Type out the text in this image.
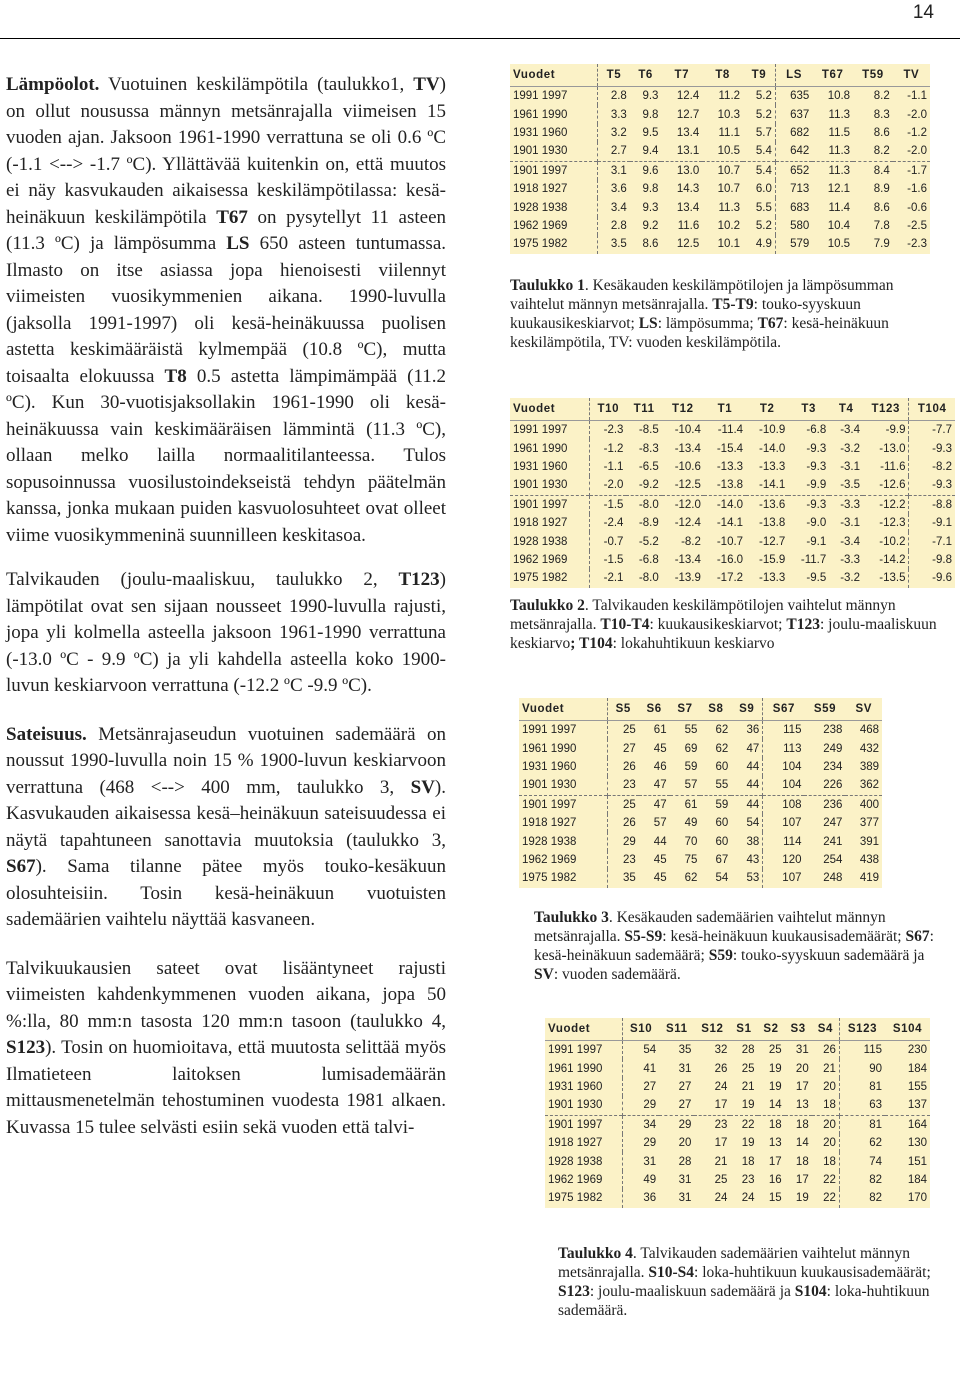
14

Lämpöolot. Vuotuinen keskilämpötila (taulukko1, TV) on ollut nousussa männyn metsänrajalla viimeisen 15 vuoden ajan. Jaksoon 1961-1990 verrattuna se oli 0.6 ºC (-1.1 <--> -1.7 ºC). Yllättävää kuitenkin on, että muutos ei näy kasvukauden aikaisessa keskilämpötilassa: kesä-heinäkuun keskilämpötila T67 on pysytellyt 11 asteen (11.3 ºC) ja lämpösumma LS 650 asteen tuntumassa. Ilmasto on itse asiassa jopa hienoisesti viilennyt viimeisten vuosikymmenien aikana. 1990-luvulla (jaksolla 1991-1997) oli kesä-heinäkuussa puolisen astetta keskimääräistä kylmempää (10.8 ºC), mutta toisaalta elokuussa T8 0.5 astetta lämpimämpää (11.2 ºC). Kun 30-vuotisjaksollakin 1961-1990 oli kesä-heinäkuussa vain keskimääräisen lämmintä (11.3 ºC), ollaan melko lailla normaalitilanteessa. Tulos sopusoinnussa vuosilustoindekseistä tehdyn päätelmän kanssa, jonka mukaan puiden kasvuolosuhteet ovat olleet viime vuosikymmeninä suunnilleen keskitasoa.

Talvikauden (joulu-maaliskuu, taulukko 2, T123) lämpötilat ovat sen sijaan nousseet 1990-luvulla rajusti, jopa yli kolmella asteella jaksoon 1961-1990 verrattuna (-13.0 ºC - 9.9 ºC) ja yli kahdella asteella koko 1900-luvun keskiarvoon verrattuna (-12.2 ºC -9.9 ºC).

Sateisuus. Metsänrajaseudun vuotuinen sademäärä on noussut 1990-luvulla noin 15 % 1900-luvun keskiarvoon verrattuna (468 <--> 400 mm, taulukko 3, SV). Kasvukauden aikaisessa kesä–heinäkuun sateisuudessa ei näytä tapahtuneen sanottavia muutoksia (taulukko 3, S67). Sama tilanne pätee myös touko-kesäkuun olosuhteisiin. Tosin kesä-heinäkuun vuotuisten sademäärien vaihtelu näyttää kasvaneen.

Talvikuukausien sateet ovat lisääntyneet rajusti viimeisten kahdenkymmenen vuoden aikana, jopa 50 %:lla, 80 mm:n tasosta 120 mm:n tasoon (taulukko 4, S123). Tosin on huomioitava, että muutosta selittää myös Ilmatieteen laitoksen lumisademäärän mittausmenetelmän tehostuminen vuodesta 1981 alkaen. Kuvassa 15 tulee selvästi esiin sekä vuoden että talvi-

Vuodet	T5	T6	T7	T8	T9	LS	T67	T59	TV
1991 1997	2.8	9.3	12.4	11.2	5.2	635	10.8	8.2	-1.1
1961 1990	3.3	9.8	12.7	10.3	5.2	637	11.3	8.3	-2.0
1931 1960	3.2	9.5	13.4	11.1	5.7	682	11.5	8.6	-1.2
1901 1930	2.7	9.4	13.1	10.5	5.4	642	11.3	8.2	-2.0
1901 1997	3.1	9.6	13.0	10.7	5.4	652	11.3	8.4	-1.7
1918 1927	3.6	9.8	14.3	10.7	6.0	713	12.1	8.9	-1.6
1928 1938	3.4	9.3	13.4	11.3	5.5	683	11.4	8.6	-0.6
1962 1969	2.8	9.2	11.6	10.2	5.2	580	10.4	7.8	-2.5
1975 1982	3.5	8.6	12.5	10.1	4.9	579	10.5	7.9	-2.3
Taulukko 1. Kesäkauden keskilämpötilojen ja lämpösumman vaihtelut männyn metsänrajalla. T5-T9: touko-syyskuun kuukausikeskiarvot; LS: lämpösumma; T67: kesä-heinäkuun keskilämpötila, TV: vuoden keskilämpötila.
Vuodet	T10	T11	T12	T1	T2	T3	T4	T123	T104
1991 1997	-2.3	-8.5	-10.4	-11.4	-10.9	-6.8	-3.4	-9.9	-7.7
1961 1990	-1.2	-8.3	-13.4	-15.4	-14.0	-9.3	-3.2	-13.0	-9.3
1931 1960	-1.1	-6.5	-10.6	-13.3	-13.3	-9.3	-3.1	-11.6	-8.2
1901 1930	-2.0	-9.2	-12.5	-13.8	-14.1	-9.9	-3.5	-12.6	-9.3
1901 1997	-1.5	-8.0	-12.0	-14.0	-13.6	-9.3	-3.3	-12.2	-8.8
1918 1927	-2.4	-8.9	-12.4	-14.1	-13.8	-9.0	-3.1	-12.3	-9.1
1928 1938	-0.7	-5.2	-8.2	-10.7	-12.7	-9.1	-3.4	-10.2	-7.1
1962 1969	-1.5	-6.8	-13.4	-16.0	-15.9	-11.7	-3.3	-14.2	-9.8
1975 1982	-2.1	-8.0	-13.9	-17.2	-13.3	-9.5	-3.2	-13.5	-9.6
Taulukko 2. Talvikauden keskilämpötilojen vaihtelut männyn metsänrajalla. T10-T4: kuukausikeskiarvot; T123: joulu-maaliskuun keskiarvo; T104: lokahuhtikuun keskiarvo
Vuodet	S5	S6	S7	S8	S9	S67	S59	SV
1991 1997	25	61	55	62	36	115	238	468
1961 1990	27	45	69	62	47	113	249	432
1931 1960	26	46	59	60	44	104	234	389
1901 1930	23	47	57	55	44	104	226	362
1901 1997	25	47	61	59	44	108	236	400
1918 1927	26	57	49	60	54	107	247	377
1928 1938	29	44	70	60	38	114	241	391
1962 1969	23	45	75	67	43	120	254	438
1975 1982	35	45	62	54	53	107	248	419
Taulukko 3. Kesäkauden sademäärien vaihtelut männyn metsänrajalla. S5-S9: kesä-heinäkuun kuukausisademäärät; S67: kesä-heinäkuun sademäärä; S59: touko-syyskuun sademäärä ja SV: vuoden sademäärä.
Vuodet	S10	S11	S12	S1	S2	S3	S4	S123	S104
1991 1997	54	35	32	28	25	31	26	115	230
1961 1990	41	31	26	25	19	20	21	90	184
1931 1960	27	27	24	21	19	17	20	81	155
1901 1930	29	27	17	19	14	13	18	63	137
1901 1997	34	29	23	22	18	18	20	81	164
1918 1927	29	20	17	19	13	14	20	62	130
1928 1938	31	28	21	18	17	18	18	74	151
1962 1969	49	31	25	23	16	17	22	82	184
1975 1982	36	31	24	24	15	19	22	82	170
Taulukko 4. Talvikauden sademäärien vaihtelut männyn metsänrajalla. S10-S4: loka-huhtikuun kuukausisademäärät; S123: joulu-maaliskuun sademäärä ja S104: loka-huhtikuun sademäärä.
